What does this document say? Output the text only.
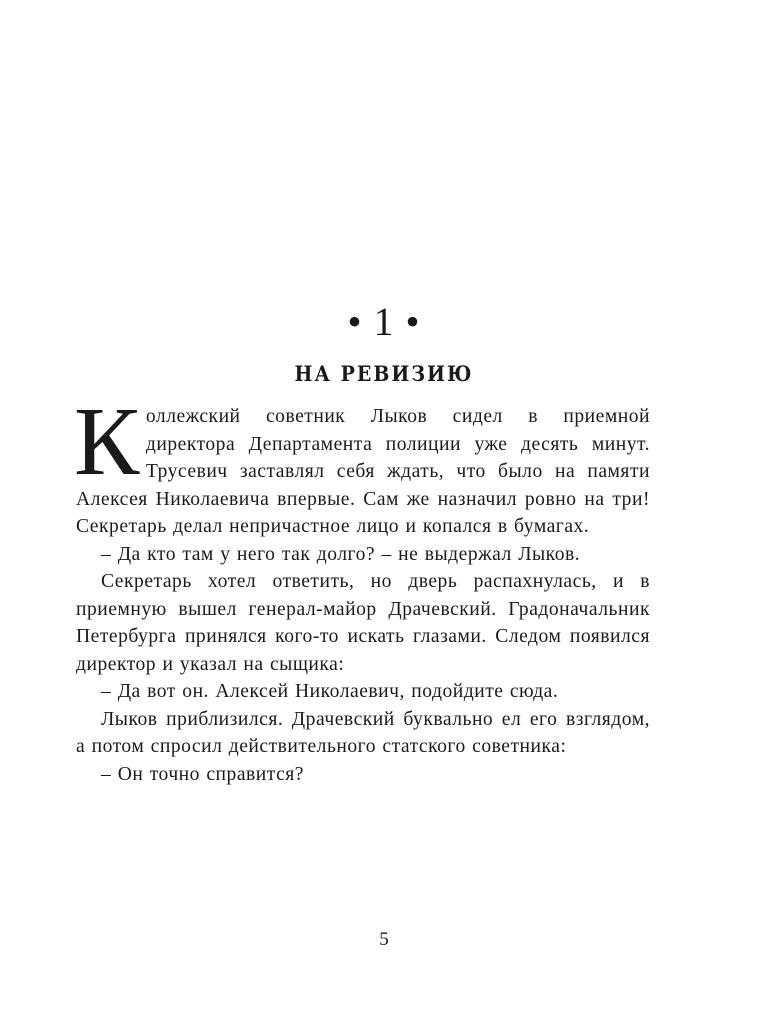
• 1 •
НА РЕВИЗИЮ

Коллежский советник Лыков сидел в приемной директора Департамента полиции уже десять минут. Трусевич заставлял себя ждать, что было на памяти Алексея Николаевича впервые. Сам же назначил ровно на три! Секретарь делал непричастное лицо и копался в бумагах.

– Да кто там у него так долго? – не выдержал Лыков.

Секретарь хотел ответить, но дверь распахнулась, и в приемную вышел генерал-майор Драчевский. Градоначальник Петербурга принялся кого-то искать глазами. Следом появился директор и указал на сыщика:

– Да вот он. Алексей Николаевич, подойдите сюда.

Лыков приблизился. Драчевский буквально ел его взглядом, а потом спросил действительного статского советника:

– Он точно справится?

5
